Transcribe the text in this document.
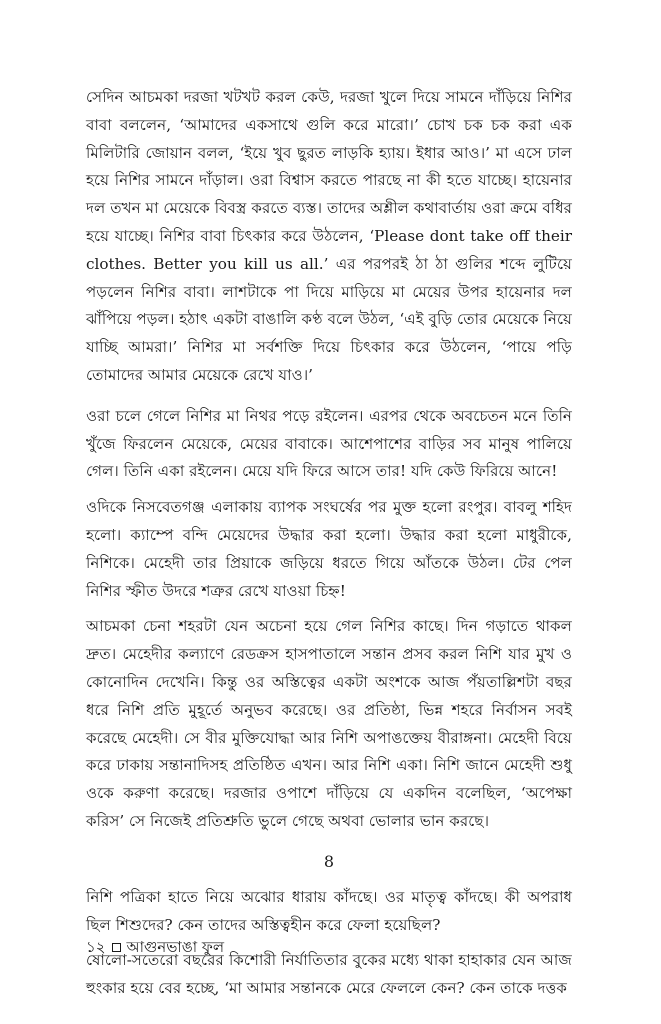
সেদিন আচমকা দরজা খটখট করল কেউ, দরজা খুলে দিয়ে সামনে দাঁড়িয়ে নিশির বাবা বললেন, ‘আমাদের একসাথে গুলি করে মারো।’ চোখ চক চক করা এক মিলিটারি জোয়ান বলল, ‘ইয়ে খুব ছুরত লাড়কি হ্যায়। ইধার আও।’ মা এসে ঢাল হয়ে নিশির সামনে দাঁড়াল। ওরা বিশ্বাস করতে পারছে না কী হতে যাচ্ছে। হায়েনার দল তখন মা মেয়েকে বিবস্ত্র করতে ব্যস্ত। তাদের অশ্লীল কথাবার্তায় ওরা ক্রমে বধির হয়ে যাচ্ছে। নিশির বাবা চিৎকার করে উঠলেন, ‘Please dont take off their clothes. Better you kill us all.’ এর পরপরই ঠা ঠা গুলির শব্দে লুটিয়ে পড়লেন নিশির বাবা। লাশটাকে পা দিয়ে মাড়িয়ে মা মেয়ের উপর হায়েনার দল ঝাঁপিয়ে পড়ল। হঠাৎ একটা বাঙালি কণ্ঠ বলে উঠল, ‘এই বুড়ি তোর মেয়েকে নিয়ে যাচ্ছি আমরা।’ নিশির মা সর্বশক্তি দিয়ে চিৎকার করে উঠলেন, ‘পায়ে পড়ি তোমাদের আমার মেয়েকে রেখে যাও।’

ওরা চলে গেলে নিশির মা নিথর পড়ে রইলেন। এরপর থেকে অবচেতন মনে তিনি খুঁজে ফিরলেন মেয়েকে, মেয়ের বাবাকে। আশেপাশের বাড়ির সব মানুষ পালিয়ে গেল। তিনি একা রইলেন। মেয়ে যদি ফিরে আসে তার! যদি কেউ ফিরিয়ে আনে!

ওদিকে নিসবেতগঞ্জ এলাকায় ব্যাপক সংঘর্ষের পর মুক্ত হলো রংপুর। বাবলু শহিদ হলো। ক্যাম্পে বন্দি মেয়েদের উদ্ধার করা হলো। উদ্ধার করা হলো মাধুরীকে, নিশিকে। মেহেদী তার প্রিয়াকে জড়িয়ে ধরতে গিয়ে আঁতকে উঠল। টের পেল নিশির স্ফীত উদরে শত্রুর রেখে যাওয়া চিহ্ন!

আচমকা চেনা শহরটা যেন অচেনা হয়ে গেল নিশির কাছে। দিন গড়াতে থাকল দ্রুত। মেহেদীর কল্যাণে রেডক্রস হাসপাতালে সন্তান প্রসব করল নিশি যার মুখ ও কোনোদিন দেখেনি। কিন্তু ওর অস্তিত্বের একটা অংশকে আজ পঁয়তাল্লিশটা বছর ধরে নিশি প্রতি মুহূর্তে অনুভব করেছে। ওর প্রতিষ্ঠা, ভিন্ন শহরে নির্বাসন সবই করেছে মেহেদী। সে বীর মুক্তিযোদ্ধা আর নিশি অপাঙক্তেয় বীরাঙ্গনা। মেহেদী বিয়ে করে ঢাকায় সন্তানাদিসহ প্রতিষ্ঠিত এখন। আর নিশি একা। নিশি জানে মেহেদী শুধু ওকে করুণা করেছে। দরজার ওপাশে দাঁড়িয়ে যে একদিন বলেছিল, ‘অপেক্ষা করিস’ সে নিজেই প্রতিশ্রুতি ভুলে গেছে অথবা ভোলার ভান করছে।

8

নিশি পত্রিকা হাতে নিয়ে অঝোর ধারায় কাঁদছে। ওর মাতৃত্ব কাঁদছে। কী অপরাধ ছিল শিশুদের? কেন তাদের অস্তিত্বহীন করে ফেলা হয়েছিল?

ষোলো-সতেরো বছরের কিশোরী নির্যাতিতার বুকের মধ্যে থাকা হাহাকার যেন আজ হুংকার হয়ে বের হচ্ছে, ‘মা আমার সন্তানকে মেরে ফেললে কেন? কেন তাকে দত্তক

১২ আগুনভাঙা ফুল
